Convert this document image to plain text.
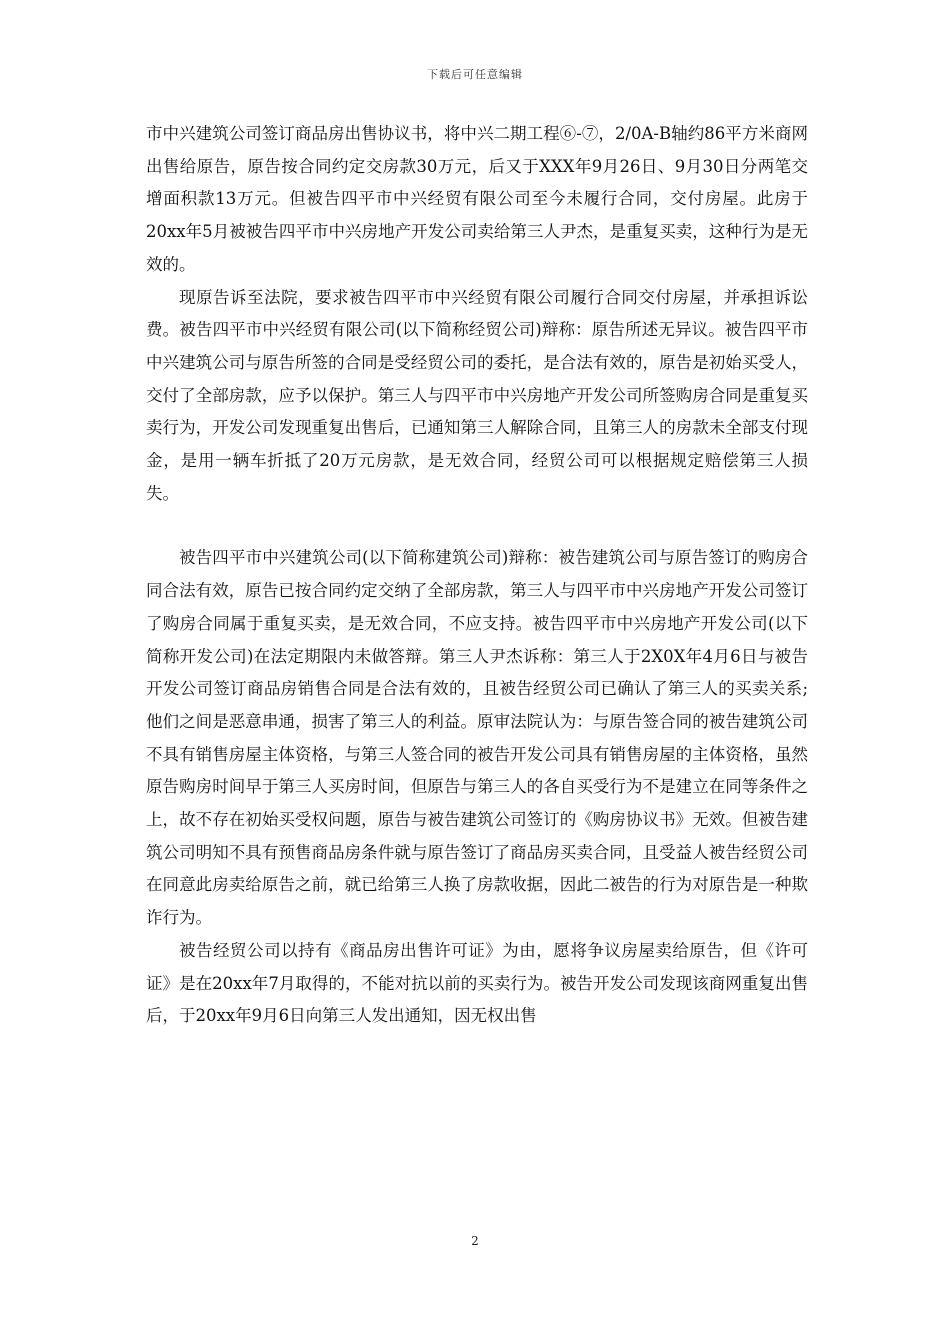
下载后可任意编辑

市中兴建筑公司签订商品房出售协议书，将中兴二期工程⑥-⑦，2/0A-B轴约86平方米商网出售给原告，原告按合同约定交房款30万元，后又于XXX年9月26日、9月30日分两笔交增面积款13万元。但被告四平市中兴经贸有限公司至今未履行合同，交付房屋。此房于20xx年5月被被告四平市中兴房地产开发公司卖给第三人尹杰，是重复买卖，这种行为是无效的。

现原告诉至法院，要求被告四平市中兴经贸有限公司履行合同交付房屋，并承担诉讼费。被告四平市中兴经贸有限公司(以下简称经贸公司)辩称：原告所述无异议。被告四平市中兴建筑公司与原告所签的合同是受经贸公司的委托，是合法有效的，原告是初始买受人，交付了全部房款，应予以保护。第三人与四平市中兴房地产开发公司所签购房合同是重复买卖行为，开发公司发现重复出售后，已通知第三人解除合同，且第三人的房款未全部支付现金，是用一辆车折抵了20万元房款，是无效合同，经贸公司可以根据规定赔偿第三人损失。

被告四平市中兴建筑公司(以下简称建筑公司)辩称：被告建筑公司与原告签订的购房合同合法有效，原告已按合同约定交纳了全部房款，第三人与四平市中兴房地产开发公司签订了购房合同属于重复买卖，是无效合同，不应支持。被告四平市中兴房地产开发公司(以下简称开发公司)在法定期限内未做答辩。第三人尹杰诉称：第三人于2X0X年4月6日与被告开发公司签订商品房销售合同是合法有效的，且被告经贸公司已确认了第三人的买卖关系;他们之间是恶意串通，损害了第三人的利益。原审法院认为：与原告签合同的被告建筑公司不具有销售房屋主体资格，与第三人签合同的被告开发公司具有销售房屋的主体资格，虽然原告购房时间早于第三人买房时间，但原告与第三人的各自买受行为不是建立在同等条件之上，故不存在初始买受权问题，原告与被告建筑公司签订的《购房协议书》无效。但被告建筑公司明知不具有预售商品房条件就与原告签订了商品房买卖合同，且受益人被告经贸公司在同意此房卖给原告之前，就已给第三人换了房款收据，因此二被告的行为对原告是一种欺诈行为。

被告经贸公司以持有《商品房出售许可证》为由，愿将争议房屋卖给原告，但《许可证》是在20xx年7月取得的，不能对抗以前的买卖行为。被告开发公司发现该商网重复出售后，于20xx年9月6日向第三人发出通知，因无权出售

2
